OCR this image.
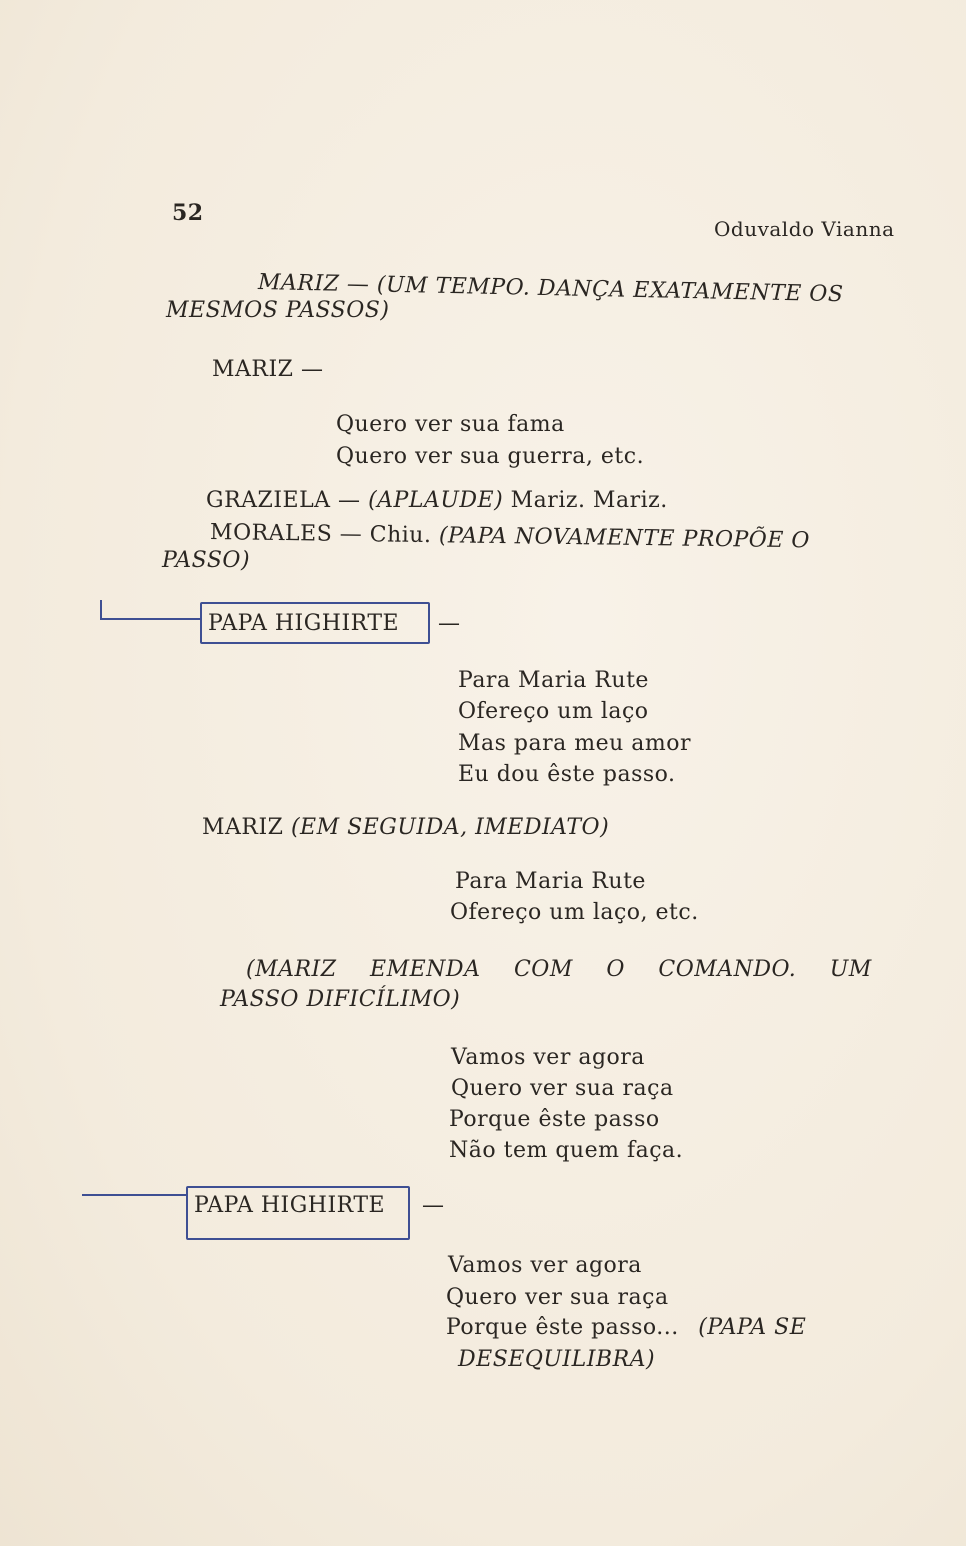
52
Oduvaldo Vianna
MARIZ — (UM TEMPO. DANÇA EXATAMENTE OS
MESMOS PASSOS)
MARIZ —
Quero ver sua fama
Quero ver sua guerra, etc.
GRAZIELA — (APLAUDE) Mariz. Mariz.
MORALES — Chiu. (PAPA NOVAMENTE PROPÕE O
PASSO)
PAPA HIGHIRTE —
Para Maria Rute
Ofereço um laço
Mas para meu amor
Eu dou êste passo.
MARIZ (EM SEGUIDA, IMEDIATO)
Para Maria Rute
Ofereço um laço, etc.
(MARIZ EMENDA COM O COMANDO. UM
PASSO DIFICÍLIMO)
Vamos ver agora
Quero ver sua raça
Porque êste passo
Não tem quem faça.
PAPA HIGHIRTE —
Vamos ver agora
Quero ver sua raça
Porque êste passo... (PAPA SE
DESEQUILIBRA)
